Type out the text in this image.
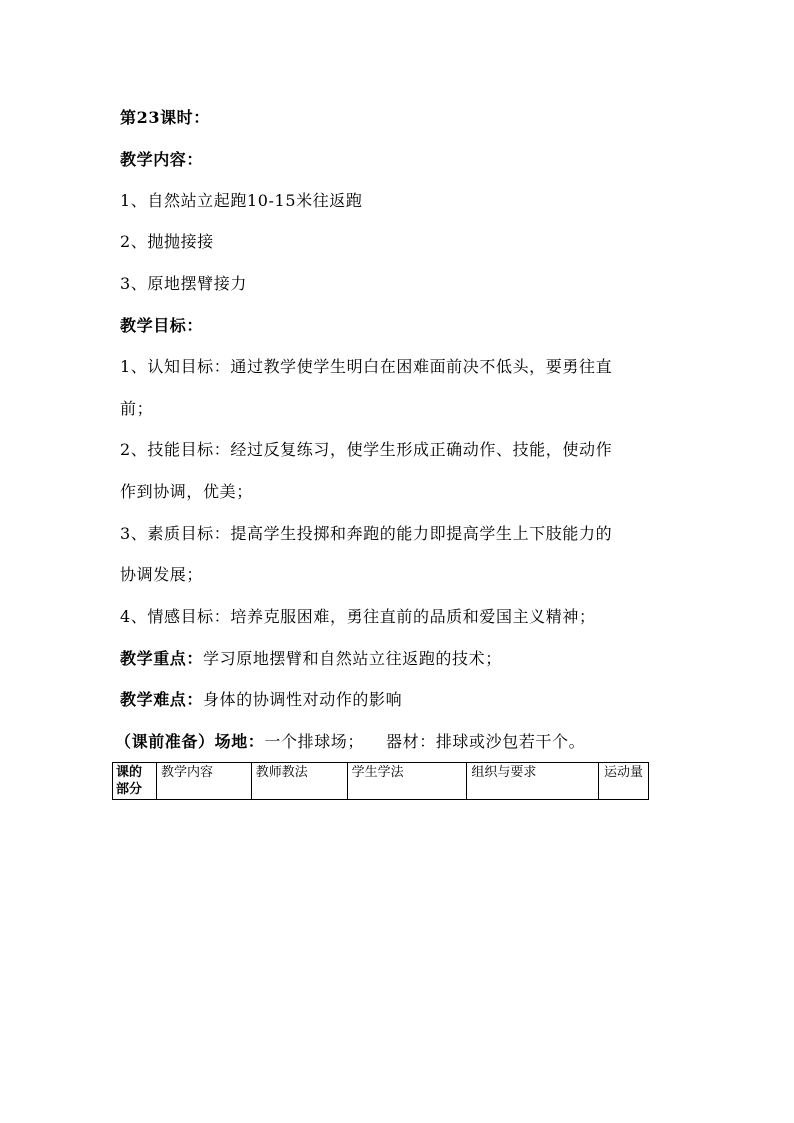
第23课时：
教学内容：
1、自然站立起跑10-15米往返跑
2、抛抛接接
3、原地摆臂接力
教学目标：
1、认知目标：通过教学使学生明白在困难面前决不低头，要勇往直
前；
2、技能目标：经过反复练习，使学生形成正确动作、技能，使动作
作到协调，优美；
3、素质目标：提高学生投掷和奔跑的能力即提高学生上下肢能力的
协调发展；
4、情感目标：培养克服困难，勇往直前的品质和爱国主义精神；
教学重点：学习原地摆臂和自然站立往返跑的技术；
教学难点：身体的协调性对动作的影响
（课前准备）场地：一个排球场； 器材：排球或沙包若干个。
课的部分	教学内容	教师教法	学生学法	组织与要求	运动量
